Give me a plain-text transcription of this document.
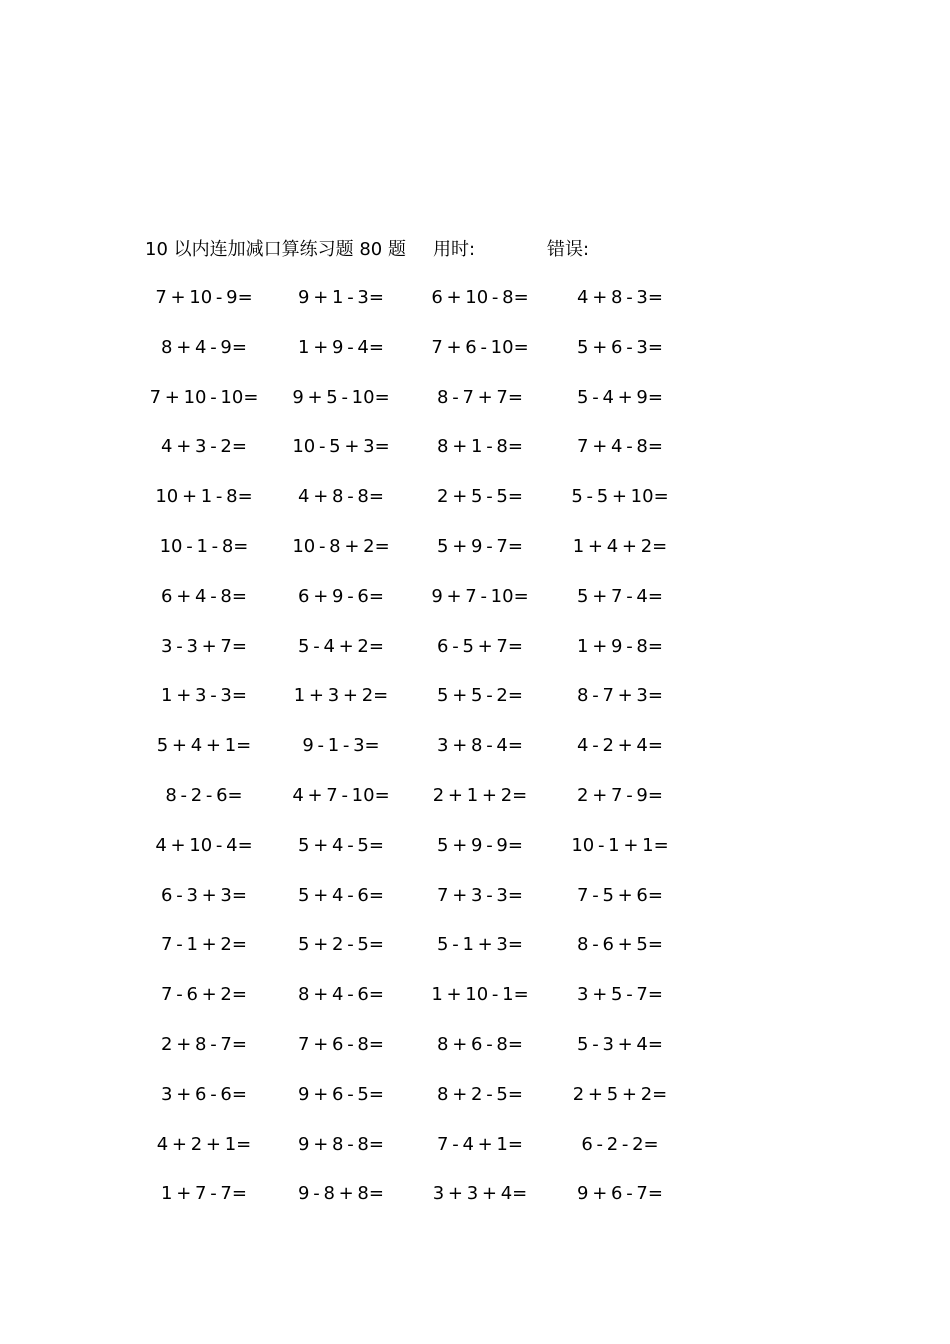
10 以内连加减口算练习题 80 题 用时:	错误:
7 + 10 - 9=	9 + 1 - 3=	6 + 10 - 8=	4 + 8 - 3=
8 + 4 - 9=	1 + 9 - 4=	7 + 6 - 10=	5 + 6 - 3=
7 + 10 - 10=	9 + 5 - 10=	8 - 7 + 7=	5 - 4 + 9=
4 + 3 - 2=	10 - 5 + 3=	8 + 1 - 8=	7 + 4 - 8=
10 + 1 - 8=	4 + 8 - 8=	2 + 5 - 5=	5 - 5 + 10=
10 - 1 - 8=	10 - 8 + 2=	5 + 9 - 7=	1 + 4 + 2=
6 + 4 - 8=	6 + 9 - 6=	9 + 7 - 10=	5 + 7 - 4=
3 - 3 + 7=	5 - 4 + 2=	6 - 5 + 7=	1 + 9 - 8=
1 + 3 - 3=	1 + 3 + 2=	5 + 5 - 2=	8 - 7 + 3=
5 + 4 + 1=	9 - 1 - 3=	3 + 8 - 4=	4 - 2 + 4=
8 - 2 - 6=	4 + 7 - 10=	2 + 1 + 2=	2 + 7 - 9=
4 + 10 - 4=	5 + 4 - 5=	5 + 9 - 9=	10 - 1 + 1=
6 - 3 + 3=	5 + 4 - 6=	7 + 3 - 3=	7 - 5 + 6=
7 - 1 + 2=	5 + 2 - 5=	5 - 1 + 3=	8 - 6 + 5=
7 - 6 + 2=	8 + 4 - 6=	1 + 10 - 1=	3 + 5 - 7=
2 + 8 - 7=	7 + 6 - 8=	8 + 6 - 8=	5 - 3 + 4=
3 + 6 - 6=	9 + 6 - 5=	8 + 2 - 5=	2 + 5 + 2=
4 + 2 + 1=	9 + 8 - 8=	7 - 4 + 1=	6 - 2 - 2=
1 + 7 - 7=	9 - 8 + 8=	3 + 3 + 4=	9 + 6 - 7=
